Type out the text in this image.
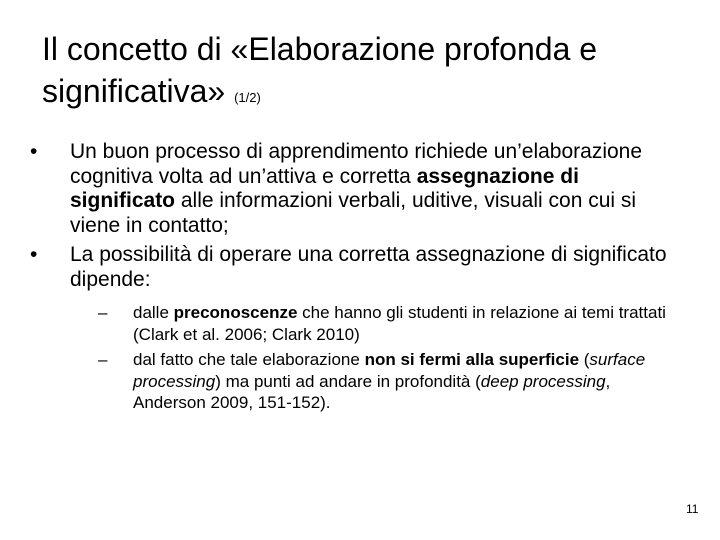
Il concetto di «Elaborazione profonda e significativa» (1/2)

•	Un buon processo di apprendimento richiede un’elaborazione cognitiva volta ad un’attiva e corretta assegnazione di significato alle informazioni verbali, uditive, visuali con cui si viene in contatto;

•	La possibilità di operare una corretta assegnazione di significato dipende:

– dalle preconoscenze che hanno gli studenti in relazione ai temi trattati (Clark et al. 2006; Clark 2010)

– dal fatto che tale elaborazione non si fermi alla superficie (surface processing) ma punti ad andare in profondità (deep processing, Anderson 2009, 151-152).

11
